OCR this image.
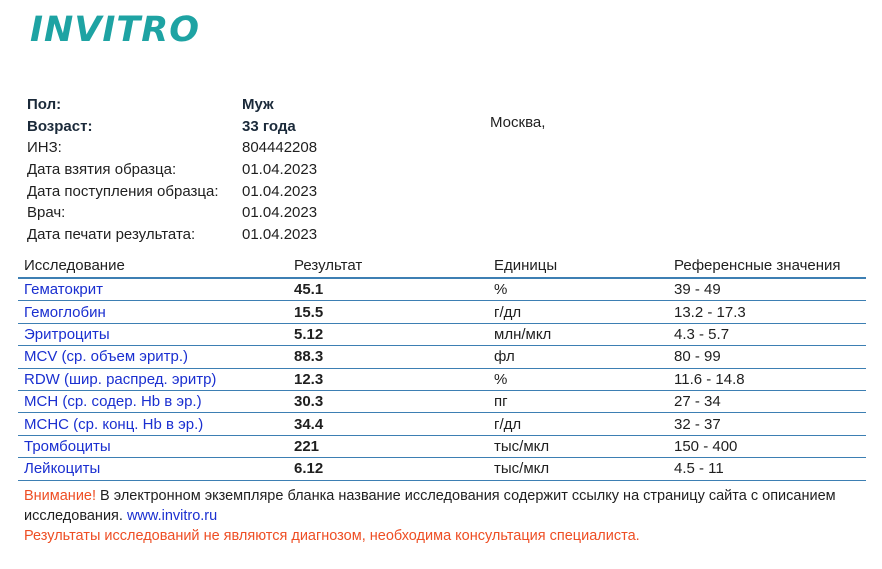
INVITRO
Пол:	Муж
Возраст:	33 года
ИНЗ:	804442208
Дата взятия образца:	01.04.2023
Дата поступления образца:	01.04.2023
Врач:	01.04.2023
Дата печати результата:	01.04.2023
Москва,
Исследование	Результат	Единицы	Референсные значения
Гематокрит	45.1	%	39 - 49
Гемоглобин	15.5	г/дл	13.2 - 17.3
Эритроциты	5.12	млн/мкл	4.3 - 5.7
MCV (ср. объем эритр.)	88.3	фл	80 - 99
RDW (шир. распред. эритр)	12.3	%	11.6 - 14.8
MCH (ср. содер. Hb в эр.)	30.3	пг	27 - 34
MCHC (ср. конц. Hb в эр.)	34.4	г/дл	32 - 37
Тромбоциты	221	тыс/мкл	150 - 400
Лейкоциты	6.12	тыс/мкл	4.5 - 11
Внимание! В электронном экземпляре бланка название исследования содержит ссылку на страницу сайта с описанием исследования. www.invitro.ru
Результаты исследований не являются диагнозом, необходима консультация специалиста.
